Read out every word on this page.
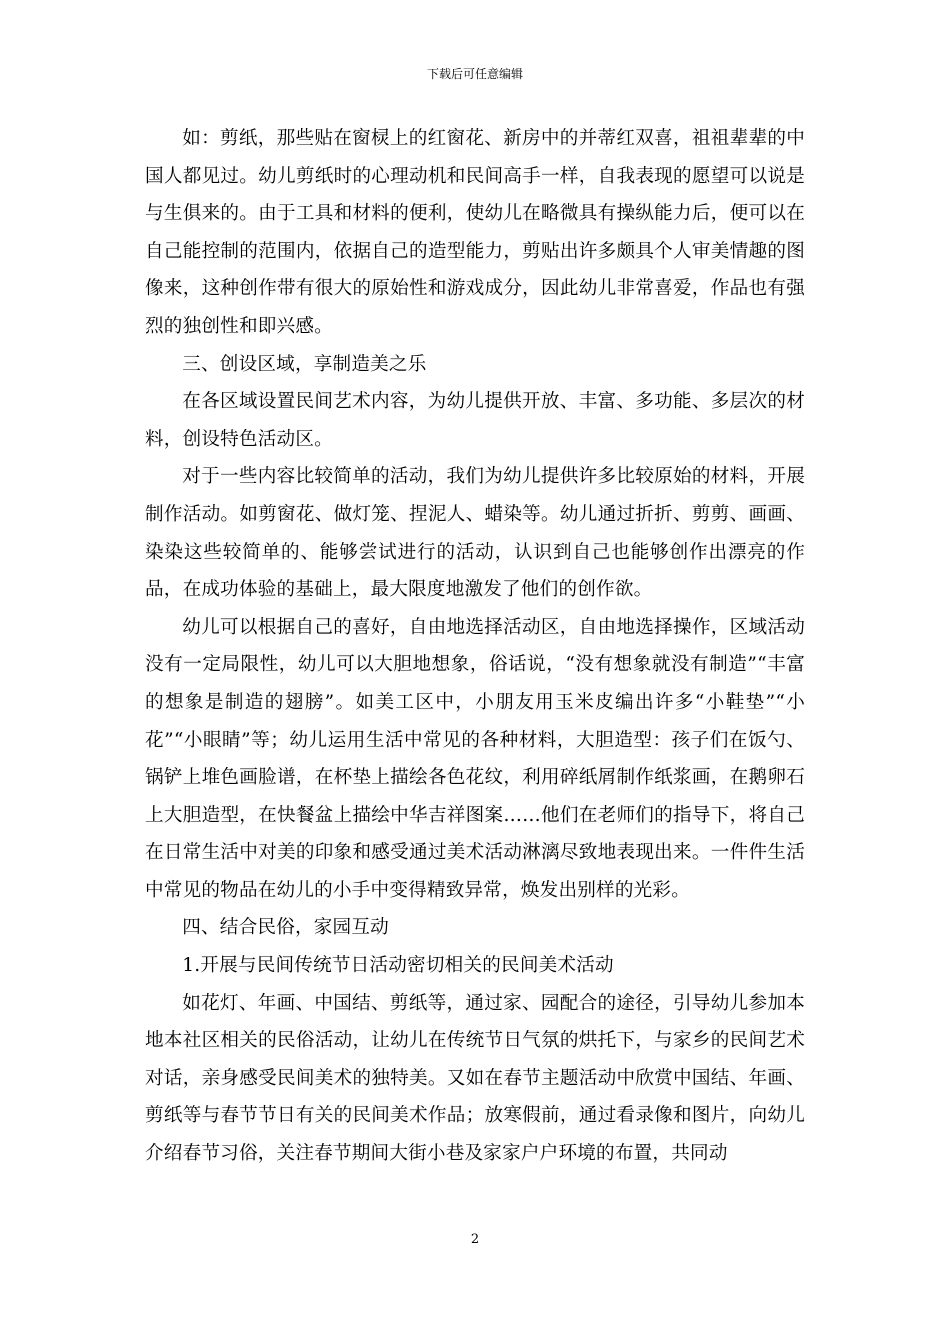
下载后可任意编辑

如：剪纸，那些贴在窗棂上的红窗花、新房中的并蒂红双喜，祖祖辈辈的中国人都见过。幼儿剪纸时的心理动机和民间高手一样，自我表现的愿望可以说是与生俱来的。由于工具和材料的便利，使幼儿在略微具有操纵能力后，便可以在自己能控制的范围内，依据自己的造型能力，剪贴出许多颇具个人审美情趣的图像来，这种创作带有很大的原始性和游戏成分，因此幼儿非常喜爱，作品也有强烈的独创性和即兴感。

三、创设区域，享制造美之乐

在各区域设置民间艺术内容，为幼儿提供开放、丰富、多功能、多层次的材料，创设特色活动区。

对于一些内容比较简单的活动，我们为幼儿提供许多比较原始的材料，开展制作活动。如剪窗花、做灯笼、捏泥人、蜡染等。幼儿通过折折、剪剪、画画、染染这些较简单的、能够尝试进行的活动，认识到自己也能够创作出漂亮的作品，在成功体验的基础上，最大限度地激发了他们的创作欲。

幼儿可以根据自己的喜好，自由地选择活动区，自由地选择操作，区域活动没有一定局限性，幼儿可以大胆地想象，俗话说，“没有想象就没有制造”“丰富的想象是制造的翅膀”。如美工区中，小朋友用玉米皮编出许多“小鞋垫”“小花”“小眼睛”等；幼儿运用生活中常见的各种材料，大胆造型：孩子们在饭勺、锅铲上堆色画脸谱，在杯垫上描绘各色花纹，利用碎纸屑制作纸浆画，在鹅卵石上大胆造型，在快餐盆上描绘中华吉祥图案……他们在老师们的指导下，将自己在日常生活中对美的印象和感受通过美术活动淋漓尽致地表现出来。一件件生活中常见的物品在幼儿的小手中变得精致异常，焕发出别样的光彩。

四、结合民俗，家园互动

1.开展与民间传统节日活动密切相关的民间美术活动

如花灯、年画、中国结、剪纸等，通过家、园配合的途径，引导幼儿参加本地本社区相关的民俗活动，让幼儿在传统节日气氛的烘托下，与家乡的民间艺术对话，亲身感受民间美术的独特美。又如在春节主题活动中欣赏中国结、年画、剪纸等与春节节日有关的民间美术作品；放寒假前，通过看录像和图片，向幼儿介绍春节习俗，关注春节期间大街小巷及家家户户环境的布置，共同动

2
